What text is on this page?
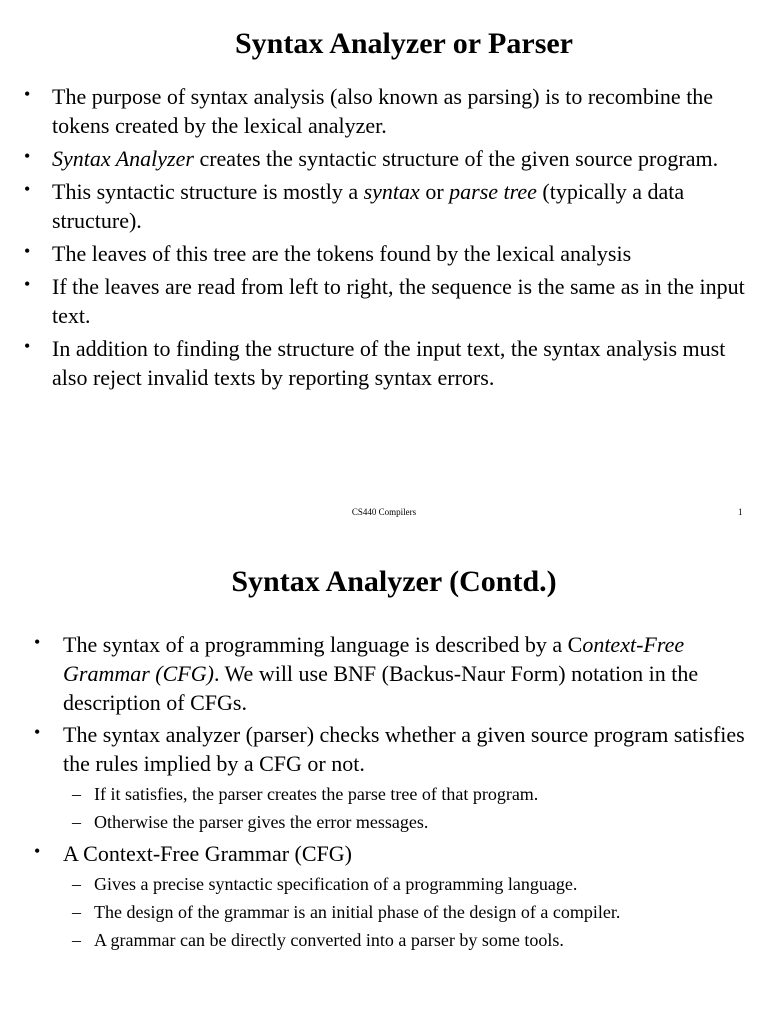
Syntax Analyzer or Parser
• The purpose of syntax analysis (also known as parsing) is to recombine the tokens created by the lexical analyzer.
• Syntax Analyzer creates the syntactic structure of the given source program.
• This syntactic structure is mostly a syntax or parse tree (typically a data structure).
• The leaves of this tree are the tokens found by the lexical analysis
• If the leaves are read from left to right, the sequence is the same as in the input text.
• In addition to finding the structure of the input text, the syntax analysis must also reject invalid texts by reporting syntax errors.
CS440 Compilers	1
Syntax Analyzer (Contd.)
• The syntax of a programming language is described by a Context-Free Grammar (CFG). We will use BNF (Backus-Naur Form) notation in the description of CFGs.
• The syntax analyzer (parser) checks whether a given source program satisfies the rules implied by a CFG or not.
– If it satisfies, the parser creates the parse tree of that program.
– Otherwise the parser gives the error messages.
• A Context-Free Grammar (CFG)
– Gives a precise syntactic specification of a programming language.
– The design of the grammar is an initial phase of the design of a compiler.
– A grammar can be directly converted into a parser by some tools.
